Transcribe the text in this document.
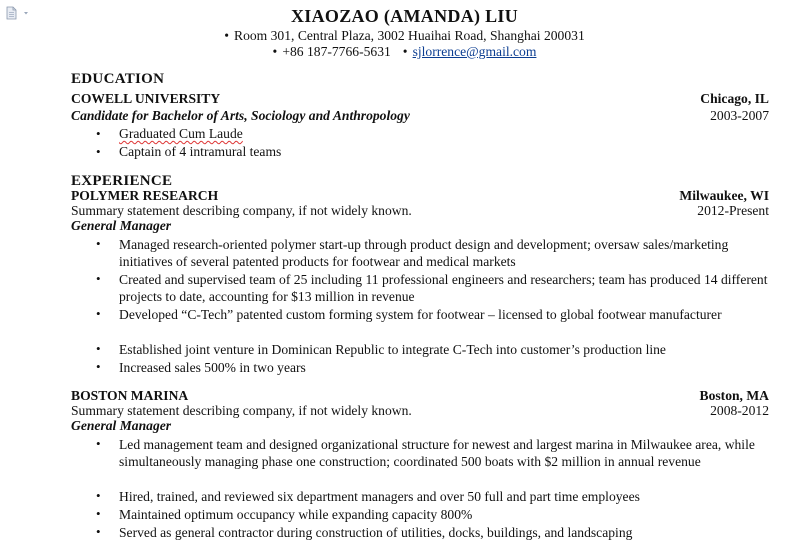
XIAOZAO (AMANDA) LIU
• Room 301, Central Plaza, 3002 Huaihai Road, Shanghai 200031
• +86 187-7766-5631 • sjlorrence@gmail.com
EDUCATION
COWELL UNIVERSITY	Chicago, IL
Candidate for Bachelor of Arts, Sociology and Anthropology	2003-2007
• Graduated Cum Laude
• Captain of 4 intramural teams
EXPERIENCE
POLYMER RESEARCH	Milwaukee, WI
Summary statement describing company, if not widely known.	2012-Present
General Manager
• Managed research-oriented polymer start-up through product design and development; oversaw sales/marketing initiatives of several patented products for footwear and medical markets
• Created and supervised team of 25 including 11 professional engineers and researchers; team has produced 14 different projects to date, accounting for $13 million in revenue
• Developed “C-Tech” patented custom forming system for footwear – licensed to global footwear manufacturer
• Established joint venture in Dominican Republic to integrate C-Tech into customer’s production line
• Increased sales 500% in two years
BOSTON MARINA	Boston, MA
Summary statement describing company, if not widely known.	2008-2012
General Manager
• Led management team and designed organizational structure for newest and largest marina in Milwaukee area, while simultaneously managing phase one construction; coordinated 500 boats with $2 million in annual revenue
• Hired, trained, and reviewed six department managers and over 50 full and part time employees
• Maintained optimum occupancy while expanding capacity 800%
• Served as general contractor during construction of utilities, docks, buildings, and landscaping
